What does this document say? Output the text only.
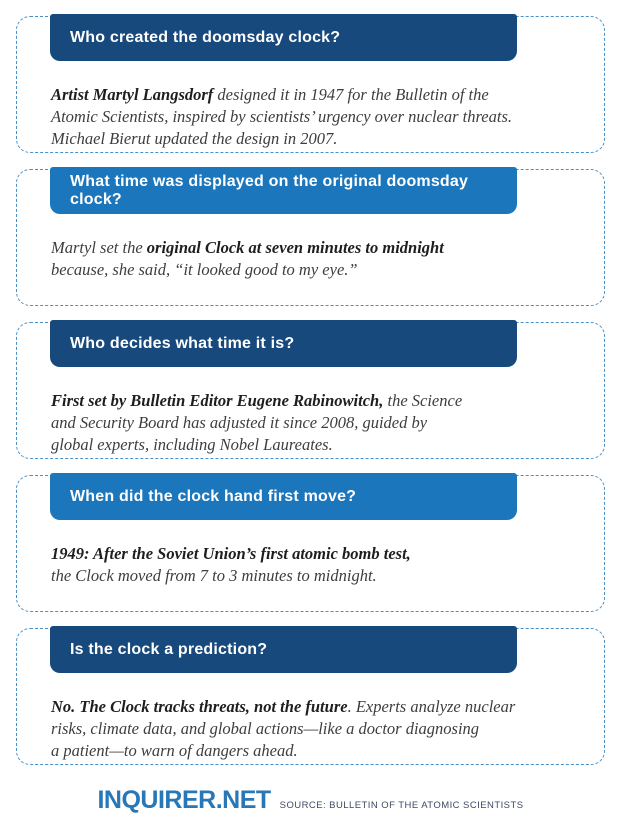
Who created the doomsday clock?

Artist Martyl Langsdorf designed it in 1947 for the Bulletin of the
Atomic Scientists, inspired by scientists’ urgency over nuclear threats.
Michael Bierut updated the design in 2007.

What time was displayed on the original doomsday clock?

Martyl set the original Clock at seven minutes to midnight
because, she said, “it looked good to my eye.”

Who decides what time it is?

First set by Bulletin Editor Eugene Rabinowitch, the Science
and Security Board has adjusted it since 2008, guided by
global experts, including Nobel Laureates.

When did the clock hand first move?

1949: After the Soviet Union’s first atomic bomb test,
the Clock moved from 7 to 3 minutes to midnight.

Is the clock a prediction?

No. The Clock tracks threats, not the future. Experts analyze nuclear
risks, climate data, and global actions—like a doctor diagnosing
a patient—to warn of dangers ahead.

INQUIRER.NET SOURCE: BULLETIN OF THE ATOMIC SCIENTISTS
